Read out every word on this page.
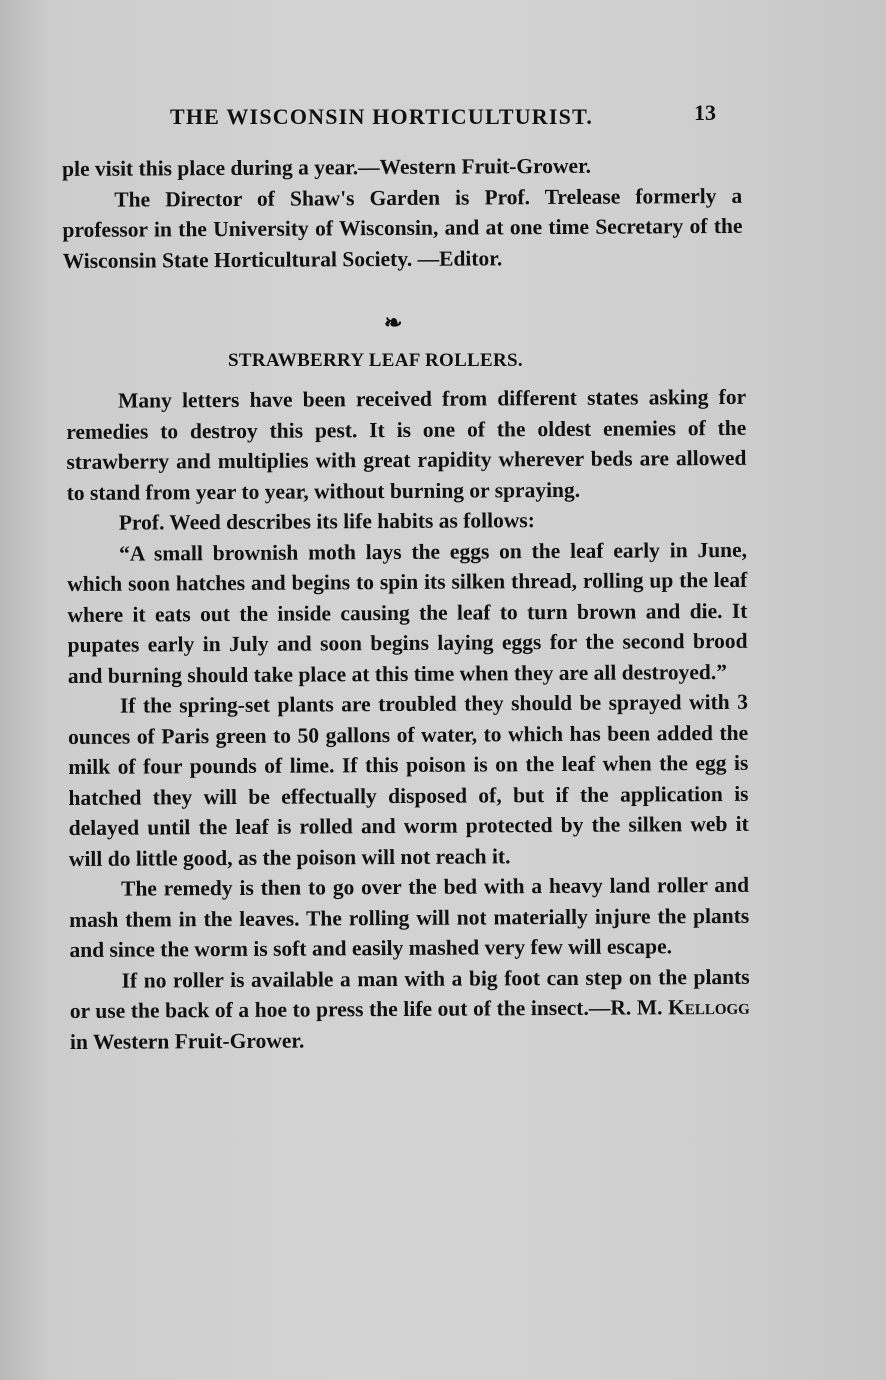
THE WISCONSIN HORTICULTURIST.	13

ple visit this place during a year.—Western Fruit-Grower.

The Director of Shaw's Garden is Prof. Trelease formerly a professor in the University of Wisconsin, and at one time Secretary of the Wisconsin State Horticultural Society. —Editor.

❧
STRAWBERRY LEAF ROLLERS.

Many letters have been received from different states asking for remedies to destroy this pest. It is one of the oldest enemies of the strawberry and multiplies with great rapidity wherever beds are allowed to stand from year to year, without burning or spraying.

Prof. Weed describes its life habits as follows:

“A small brownish moth lays the eggs on the leaf early in June, which soon hatches and begins to spin its silken thread, rolling up the leaf where it eats out the inside causing the leaf to turn brown and die. It pupates early in July and soon begins laying eggs for the second brood and burning should take place at this time when they are all destroyed.”

If the spring-set plants are troubled they should be sprayed with 3 ounces of Paris green to 50 gallons of water, to which has been added the milk of four pounds of lime. If this poison is on the leaf when the egg is hatched they will be effectually disposed of, but if the application is delayed until the leaf is rolled and worm protected by the silken web it will do little good, as the poison will not reach it.

The remedy is then to go over the bed with a heavy land roller and mash them in the leaves. The rolling will not materially injure the plants and since the worm is soft and easily mashed very few will escape.

If no roller is available a man with a big foot can step on the plants or use the back of a hoe to press the life out of the insect.—R. M. Kellogg in Western Fruit-Grower.
